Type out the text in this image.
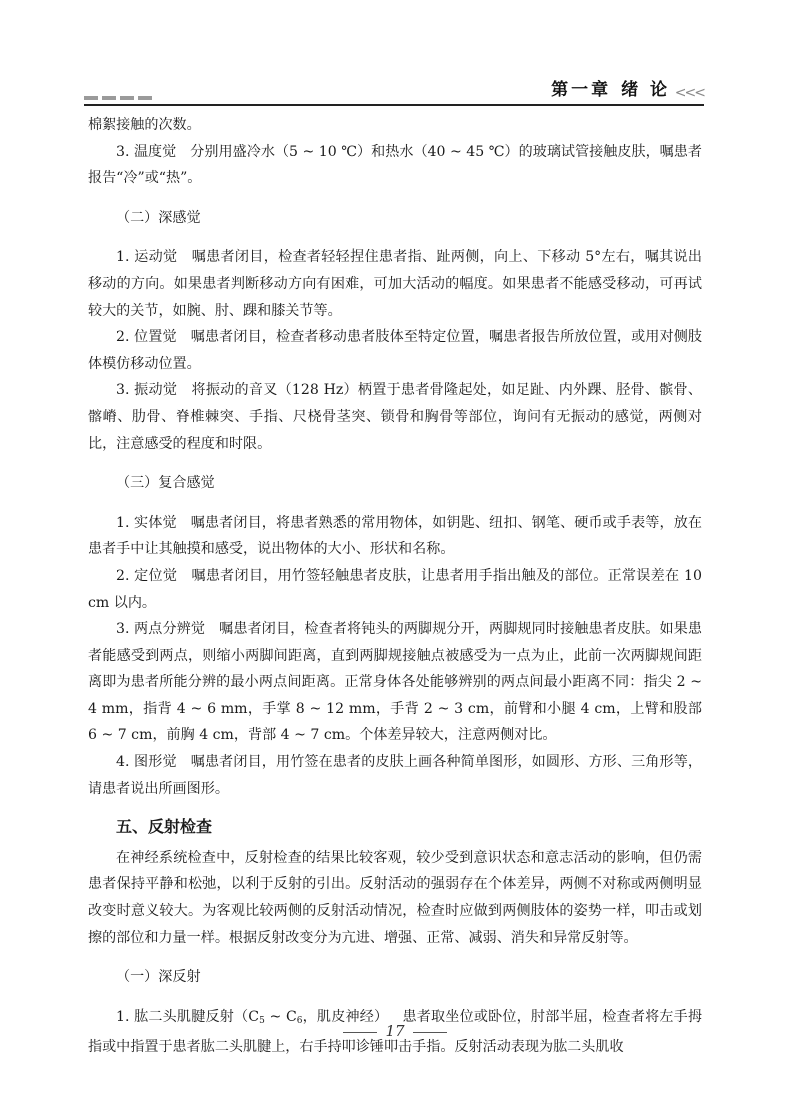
第一章 绪 论 <<<

棉絮接触的次数。

3. 温度觉 分别用盛冷水（5 ~ 10 ℃）和热水（40 ~ 45 ℃）的玻璃试管接触皮肤，嘱患者报告“冷”或“热”。

（二）深感觉

1. 运动觉 嘱患者闭目，检查者轻轻捏住患者指、趾两侧，向上、下移动 5°左右，嘱其说出移动的方向。如果患者判断移动方向有困难，可加大活动的幅度。如果患者不能感受移动，可再试较大的关节，如腕、肘、踝和膝关节等。

2. 位置觉 嘱患者闭目，检查者移动患者肢体至特定位置，嘱患者报告所放位置，或用对侧肢体模仿移动位置。

3. 振动觉 将振动的音叉（128 Hz）柄置于患者骨隆起处，如足趾、内外踝、胫骨、髌骨、髂嵴、肋骨、脊椎棘突、手指、尺桡骨茎突、锁骨和胸骨等部位，询问有无振动的感觉，两侧对比，注意感受的程度和时限。

（三）复合感觉

1. 实体觉 嘱患者闭目，将患者熟悉的常用物体，如钥匙、纽扣、钢笔、硬币或手表等，放在患者手中让其触摸和感受，说出物体的大小、形状和名称。

2. 定位觉 嘱患者闭目，用竹签轻触患者皮肤，让患者用手指出触及的部位。正常误差在 10 cm 以内。

3. 两点分辨觉 嘱患者闭目，检查者将钝头的两脚规分开，两脚规同时接触患者皮肤。如果患者能感受到两点，则缩小两脚间距离，直到两脚规接触点被感受为一点为止，此前一次两脚规间距离即为患者所能分辨的最小两点间距离。正常身体各处能够辨别的两点间最小距离不同：指尖 2 ~ 4 mm，指背 4 ~ 6 mm，手掌 8 ~ 12 mm，手背 2 ~ 3 cm，前臂和小腿 4 cm，上臂和股部 6 ~ 7 cm，前胸 4 cm，背部 4 ~ 7 cm。个体差异较大，注意两侧对比。

4. 图形觉 嘱患者闭目，用竹签在患者的皮肤上画各种简单图形，如圆形、方形、三角形等，请患者说出所画图形。

五、反射检查

在神经系统检查中，反射检查的结果比较客观，较少受到意识状态和意志活动的影响，但仍需患者保持平静和松弛，以利于反射的引出。反射活动的强弱存在个体差异，两侧不对称或两侧明显改变时意义较大。为客观比较两侧的反射活动情况，检查时应做到两侧肢体的姿势一样，叩击或划擦的部位和力量一样。根据反射改变分为亢进、增强、正常、减弱、消失和异常反射等。

（一）深反射

1. 肱二头肌腱反射（$C_5$ ~ $C_6$，肌皮神经） 患者取坐位或卧位，肘部半屈，检查者将左手拇指或中指置于患者肱二头肌腱上，右手持叩诊锤叩击手指。反射活动表现为肱二头肌收

17
